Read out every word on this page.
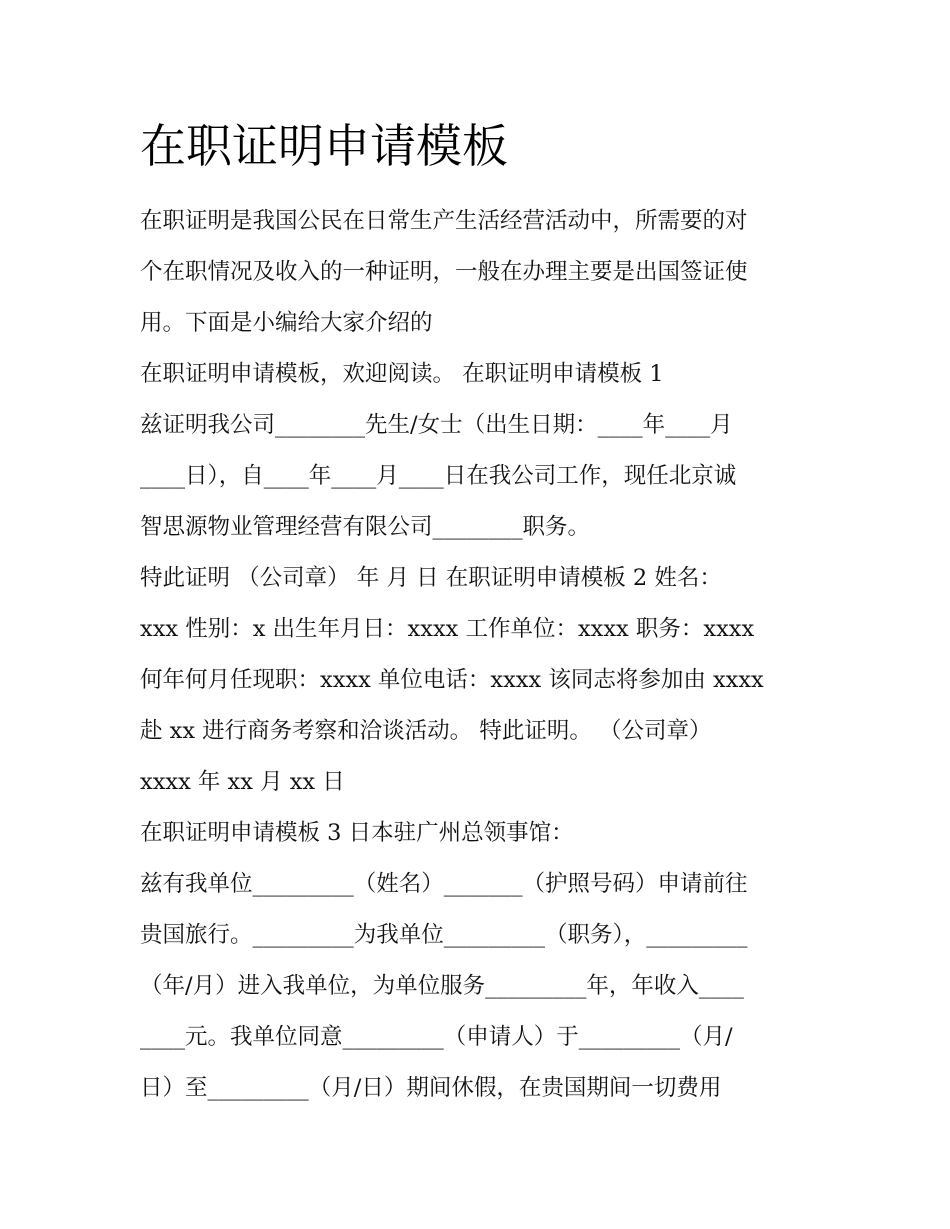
在职证明申请模板

在职证明是我国公民在日常生产生活经营活动中，所需要的对

个在职情况及收入的一种证明，一般在办理主要是出国签证使

用。下面是小编给大家介绍的

在职证明申请模板，欢迎阅读。 在职证明申请模板 1

兹证明我公司________先生/女士（出生日期：____年____月

____日），自____年____月____日在我公司工作，现任北京诚

智思源物业管理经营有限公司________职务。

特此证明 （公司章） 年 月 日 在职证明申请模板 2 姓名：

xxx 性别：x 出生年月日：xxxx 工作单位：xxxx 职务：xxxx

何年何月任现职：xxxx 单位电话：xxxx 该同志将参加由 xxxx

赴 xx 进行商务考察和洽谈活动。 特此证明。 （公司章）

xxxx 年 xx 月 xx 日

在职证明申请模板 3 日本驻广州总领事馆：

兹有我单位_________（姓名）_______（护照号码）申请前往

贵国旅行。_________为我单位_________（职务），_________

（年/月）进入我单位，为单位服务_________年，年收入____

____元。我单位同意_________（申请人）于_________（月/

日）至_________（月/日）期间休假，在贵国期间一切费用
